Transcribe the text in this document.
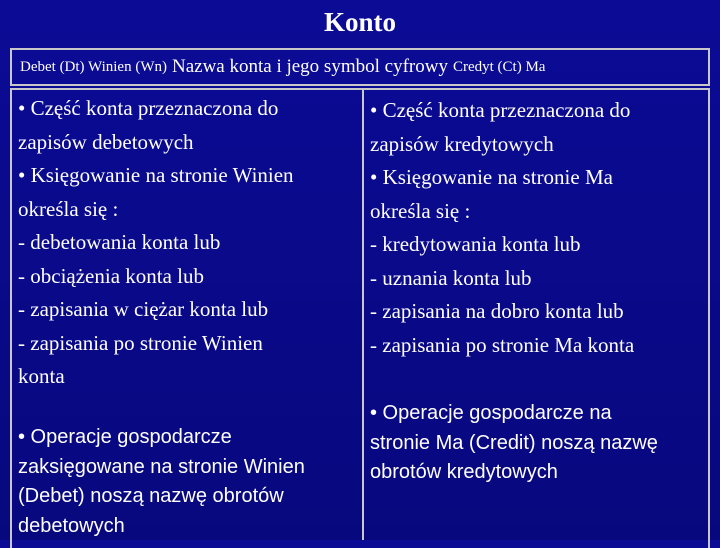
Konto
Debet (Dt) Winien (Wn) Nazwa konta i jego symbol cyfrowy Credyt (Ct) Ma
• Część konta przeznaczona do
zapisów debetowych
• Księgowanie na stronie Winien
określa się :
- debetowania konta lub
- obciążenia konta lub
- zapisania w ciężar konta lub
- zapisania po stronie Winien
konta
• Część konta przeznaczona do
zapisów kredytowych
• Księgowanie na stronie Ma
określa się :
- kredytowania konta lub
- uznania konta lub
- zapisania na dobro konta lub
- zapisania po stronie Ma konta
• Operacje gospodarcze
zaksięgowane na stronie Winien
(Debet) noszą nazwę obrotów
debetowych
• Operacje gospodarcze na
stronie Ma (Credit) noszą nazwę
obrotów kredytowych
